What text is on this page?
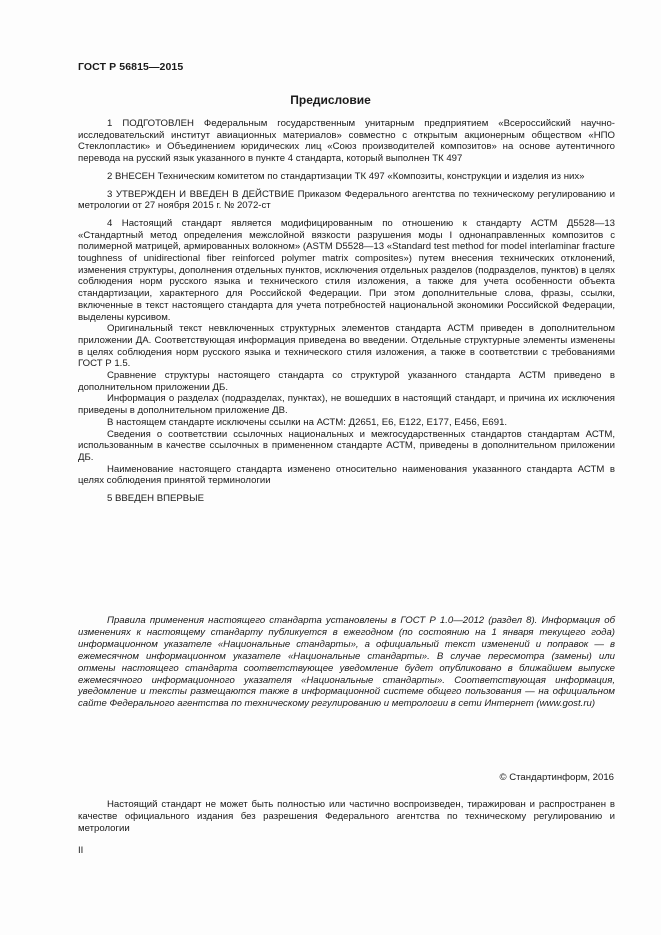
ГОСТ Р 56815—2015
Предисловие

1 ПОДГОТОВЛЕН Федеральным государственным унитарным предприятием «Всероссийский научно-исследовательский институт авиационных материалов» совместно с открытым акционерным обществом «НПО Стеклопластик» и Объединением юридических лиц «Союз производителей композитов» на основе аутентичного перевода на русский язык указанного в пункте 4 стандарта, который выполнен ТК 497

2 ВНЕСЕН Техническим комитетом по стандартизации ТК 497 «Композиты, конструкции и изделия из них»

3 УТВЕРЖДЕН И ВВЕДЕН В ДЕЙСТВИЕ Приказом Федерального агентства по техническому регулированию и метрологии от 27 ноября 2015 г. № 2072-ст

4 Настоящий стандарт является модифицированным по отношению к стандарту АСТМ Д5528—13 «Стандартный метод определения межслойной вязкости разрушения моды I однонаправленных композитов с полимерной матрицей, армированных волокном» (ASTM D5528—13 «Standard test method for model interlaminar fracture toughness of unidirectional fiber reinforced polymer matrix composites») путем внесения технических отклонений, изменения структуры, дополнения отдельных пунктов, исключения отдельных разделов (подразделов, пунктов) в целях соблюдения норм русского языка и технического стиля изложения, а также для учета особенности объекта стандартизации, характерного для Российской Федерации. При этом дополнительные слова, фразы, ссылки, включенные в текст настоящего стандарта для учета потребностей национальной экономики Российской Федерации, выделены курсивом.

Оригинальный текст невключенных структурных элементов стандарта АСТМ приведен в дополнительном приложении ДА. Соответствующая информация приведена во введении. Отдельные структурные элементы изменены в целях соблюдения норм русского языка и технического стиля изложения, а также в соответствии с требованиями ГОСТ Р 1.5.

Сравнение структуры настоящего стандарта со структурой указанного стандарта АСТМ приведено в дополнительном приложении ДБ.

Информация о разделах (подразделах, пунктах), не вошедших в настоящий стандарт, и причина их исключения приведены в дополнительном приложение ДВ.

В настоящем стандарте исключены ссылки на АСТМ: Д2651, E6, E122, E177, E456, E691.

Сведения о соответствии ссылочных национальных и межгосударственных стандартов стандартам АСТМ, использованным в качестве ссылочных в примененном стандарте АСТМ, приведены в дополнительном приложении ДБ.

Наименование настоящего стандарта изменено относительно наименования указанного стандарта АСТМ в целях соблюдения принятой терминологии

5 ВВЕДЕН ВПЕРВЫЕ

Правила применения настоящего стандарта установлены в ГОСТ Р 1.0—2012 (раздел 8). Информация об изменениях к настоящему стандарту публикуется в ежегодном (по состоянию на 1 января текущего года) информационном указателе «Национальные стандарты», а официальный текст изменений и поправок — в ежемесячном информационном указателе «Национальные стандарты». В случае пересмотра (замены) или отмены настоящего стандарта соответствующее уведомление будет опубликовано в ближайшем выпуске ежемесячного информационного указателя «Национальные стандарты». Соответствующая информация, уведомление и тексты размещаются также в информационной системе общего пользования — на официальном сайте Федерального агентства по техническому регулированию и метрологии в сети Интернет (www.gost.ru)

© Стандартинформ, 2016

Настоящий стандарт не может быть полностью или частично воспроизведен, тиражирован и распространен в качестве официального издания без разрешения Федерального агентства по техническому регулированию и метрологии

II
